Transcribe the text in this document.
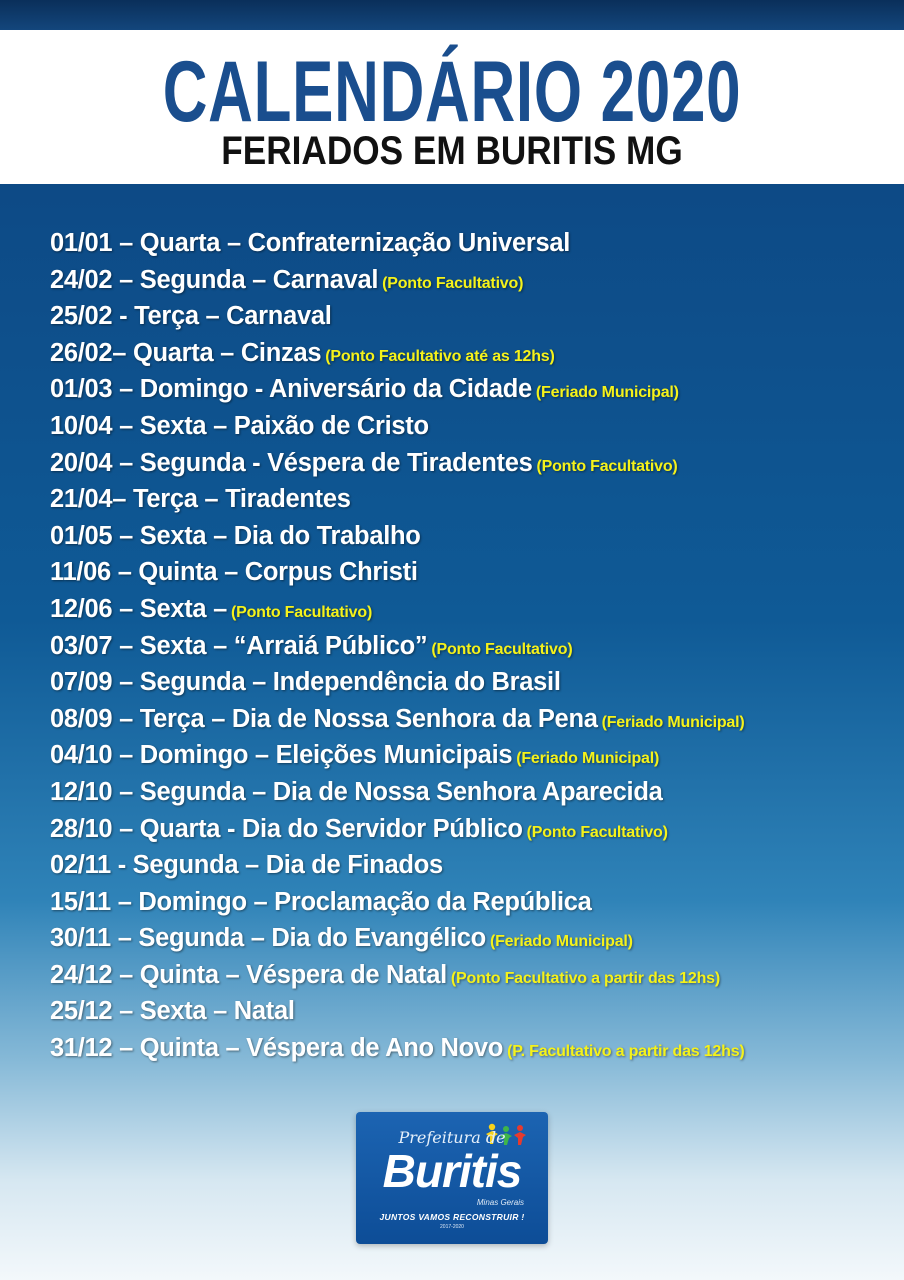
CALENDÁRIO 2020
FERIADOS EM BURITIS MG
01/01 – Quarta – Confraternização Universal
24/02 – Segunda – Carnaval (Ponto Facultativo)
25/02 - Terça – Carnaval
26/02– Quarta – Cinzas (Ponto Facultativo até as 12hs)
01/03 – Domingo - Aniversário da Cidade (Feriado Municipal)
10/04 – Sexta – Paixão de Cristo
20/04 – Segunda - Véspera de Tiradentes (Ponto Facultativo)
21/04– Terça – Tiradentes
01/05 – Sexta – Dia do Trabalho
11/06 – Quinta – Corpus Christi
12/06 – Sexta – (Ponto Facultativo)
03/07 – Sexta – “Arraiá Público” (Ponto Facultativo)
07/09 – Segunda – Independência do Brasil
08/09 – Terça – Dia de Nossa Senhora da Pena (Feriado Municipal)
04/10 – Domingo – Eleições Municipais (Feriado Municipal)
12/10 – Segunda – Dia de Nossa Senhora Aparecida
28/10 – Quarta - Dia do Servidor Público (Ponto Facultativo)
02/11 - Segunda – Dia de Finados
15/11 – Domingo – Proclamação da República
30/11 – Segunda – Dia do Evangélico (Feriado Municipal)
24/12 – Quinta – Véspera de Natal (Ponto Facultativo a partir das 12hs)
25/12 – Sexta – Natal
31/12 – Quinta – Véspera de Ano Novo (P. Facultativo a partir das 12hs)
Prefeitura de
Buritis
Minas Gerais
JUNTOS VAMOS RECONSTRUIR !
2017-2020
